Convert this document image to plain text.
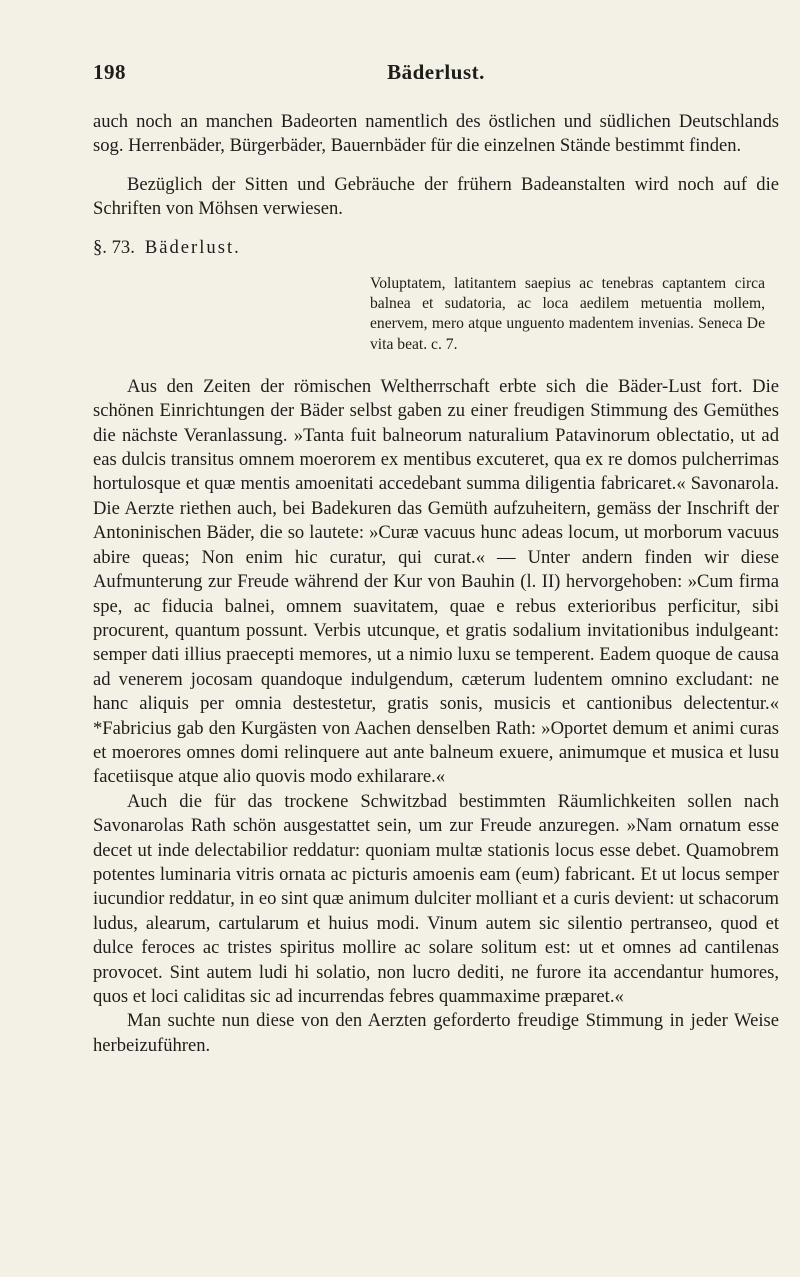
198	Bäderlust.

auch noch an manchen Badeorten namentlich des östlichen und südlichen Deutschlands sog. Herrenbäder, Bürgerbäder, Bauernbäder für die einzelnen Stände bestimmt finden.

Bezüglich der Sitten und Gebräuche der frühern Badeanstalten wird noch auf die Schriften von Möhsen verwiesen.

§. 73. Bäderlust.
Voluptatem, latitantem saepius ac tenebras captantem circa balnea et sudatoria, ac loca aedilem metuentia mollem, enervem, mero atque unguento madentem invenias. Seneca De vita beat. c. 7.

Aus den Zeiten der römischen Weltherrschaft erbte sich die Bäder-Lust fort. Die schönen Einrichtungen der Bäder selbst gaben zu einer freudigen Stimmung des Gemüthes die nächste Veranlassung. »Tanta fuit balneorum naturalium Patavinorum oblectatio, ut ad eas dulcis transitus omnem moerorem ex mentibus excuteret, qua ex re domos pulcherrimas hortulosque et quæ mentis amoenitati accedebant summa diligentia fabricaret.« Savonarola. Die Aerzte riethen auch, bei Badekuren das Gemüth aufzuheitern, gemäss der Inschrift der Antoninischen Bäder, die so lautete: »Curæ vacuus hunc adeas locum, ut morborum vacuus abire queas; Non enim hic curatur, qui curat.« — Unter andern finden wir diese Aufmunterung zur Freude während der Kur von Bauhin (l. II) hervorgehoben: »Cum firma spe, ac fiducia balnei, omnem suavitatem, quae e rebus exterioribus perficitur, sibi procurent, quantum possunt. Verbis utcunque, et gratis sodalium invitationibus indulgeant: semper dati illius praecepti memores, ut a nimio luxu se temperent. Eadem quoque de causa ad venerem jocosam quandoque indulgendum, cæterum ludentem omnino excludant: ne hanc aliquis per omnia destestetur, gratis sonis, musicis et cantionibus delectentur.« *Fabricius gab den Kurgästen von Aachen denselben Rath: »Oportet demum et animi curas et moerores omnes domi relinquere aut ante balneum exuere, animumque et musica et lusu facetiisque atque alio quovis modo exhilarare.«

Auch die für das trockene Schwitzbad bestimmten Räumlichkeiten sollen nach Savonarolas Rath schön ausgestattet sein, um zur Freude anzuregen. »Nam ornatum esse decet ut inde delectabilior reddatur: quoniam multæ stationis locus esse debet. Quamobrem potentes luminaria vitris ornata ac picturis amoenis eam (eum) fabricant. Et ut locus semper iucundior reddatur, in eo sint quæ animum dulciter molliant et a curis devient: ut schacorum ludus, alearum, cartularum et huius modi. Vinum autem sic silentio pertranseo, quod et dulce feroces ac tristes spiritus mollire ac solare solitum est: ut et omnes ad cantilenas provocet. Sint autem ludi hi solatio, non lucro dediti, ne furore ita accendantur humores, quos et loci caliditas sic ad incurrendas febres quammaxime præparet.«

Man suchte nun diese von den Aerzten geforderto freudige Stimmung in jeder Weise herbeizuführen.
